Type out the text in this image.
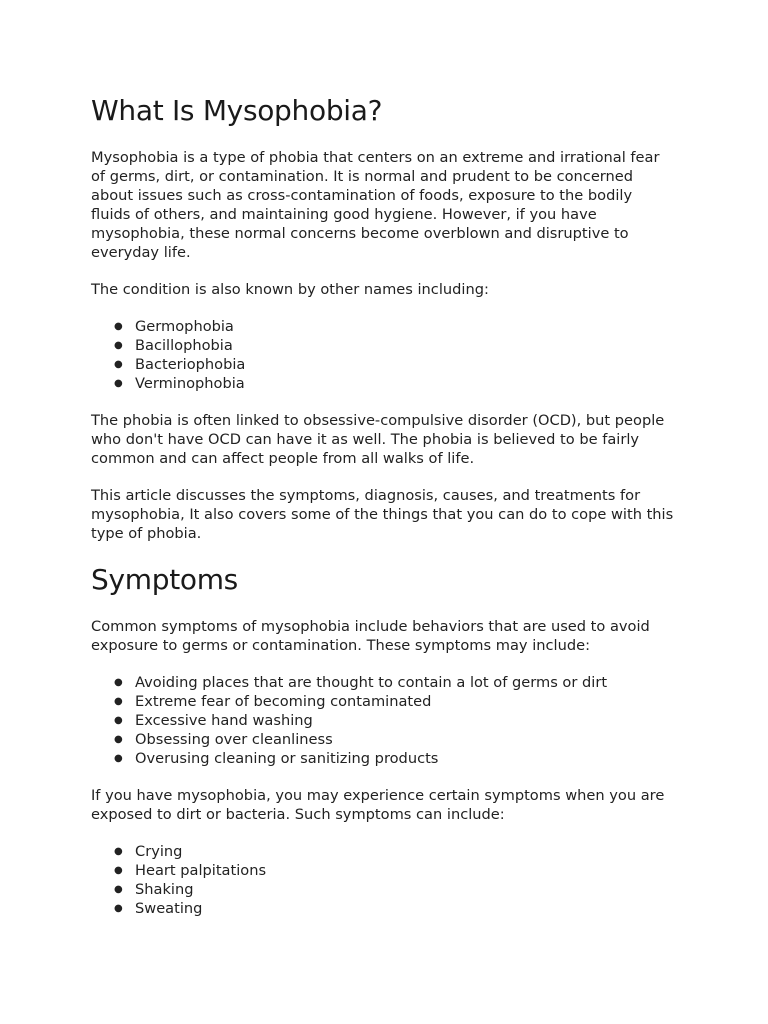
What Is Mysophobia?

Mysophobia is a type of phobia that centers on an extreme and irrational fear of germs, dirt, or contamination. It is normal and prudent to be concerned about issues such as cross-contamination of foods, exposure to the bodily fluids of others, and maintaining good hygiene. However, if you have mysophobia, these normal concerns become overblown and disruptive to everyday life.

The condition is also known by other names including:

● Germophobia
● Bacillophobia
● Bacteriophobia
● Verminophobia

The phobia is often linked to obsessive-compulsive disorder (OCD), but people who don't have OCD can have it as well. The phobia is believed to be fairly common and can affect people from all walks of life.

This article discusses the symptoms, diagnosis, causes, and treatments for mysophobia, It also covers some of the things that you can do to cope with this type of phobia.

Symptoms

Common symptoms of mysophobia include behaviors that are used to avoid exposure to germs or contamination. These symptoms may include:

● Avoiding places that are thought to contain a lot of germs or dirt
● Extreme fear of becoming contaminated
● Excessive hand washing
● Obsessing over cleanliness
● Overusing cleaning or sanitizing products

If you have mysophobia, you may experience certain symptoms when you are exposed to dirt or bacteria. Such symptoms can include:

● Crying
● Heart palpitations
● Shaking
● Sweating
